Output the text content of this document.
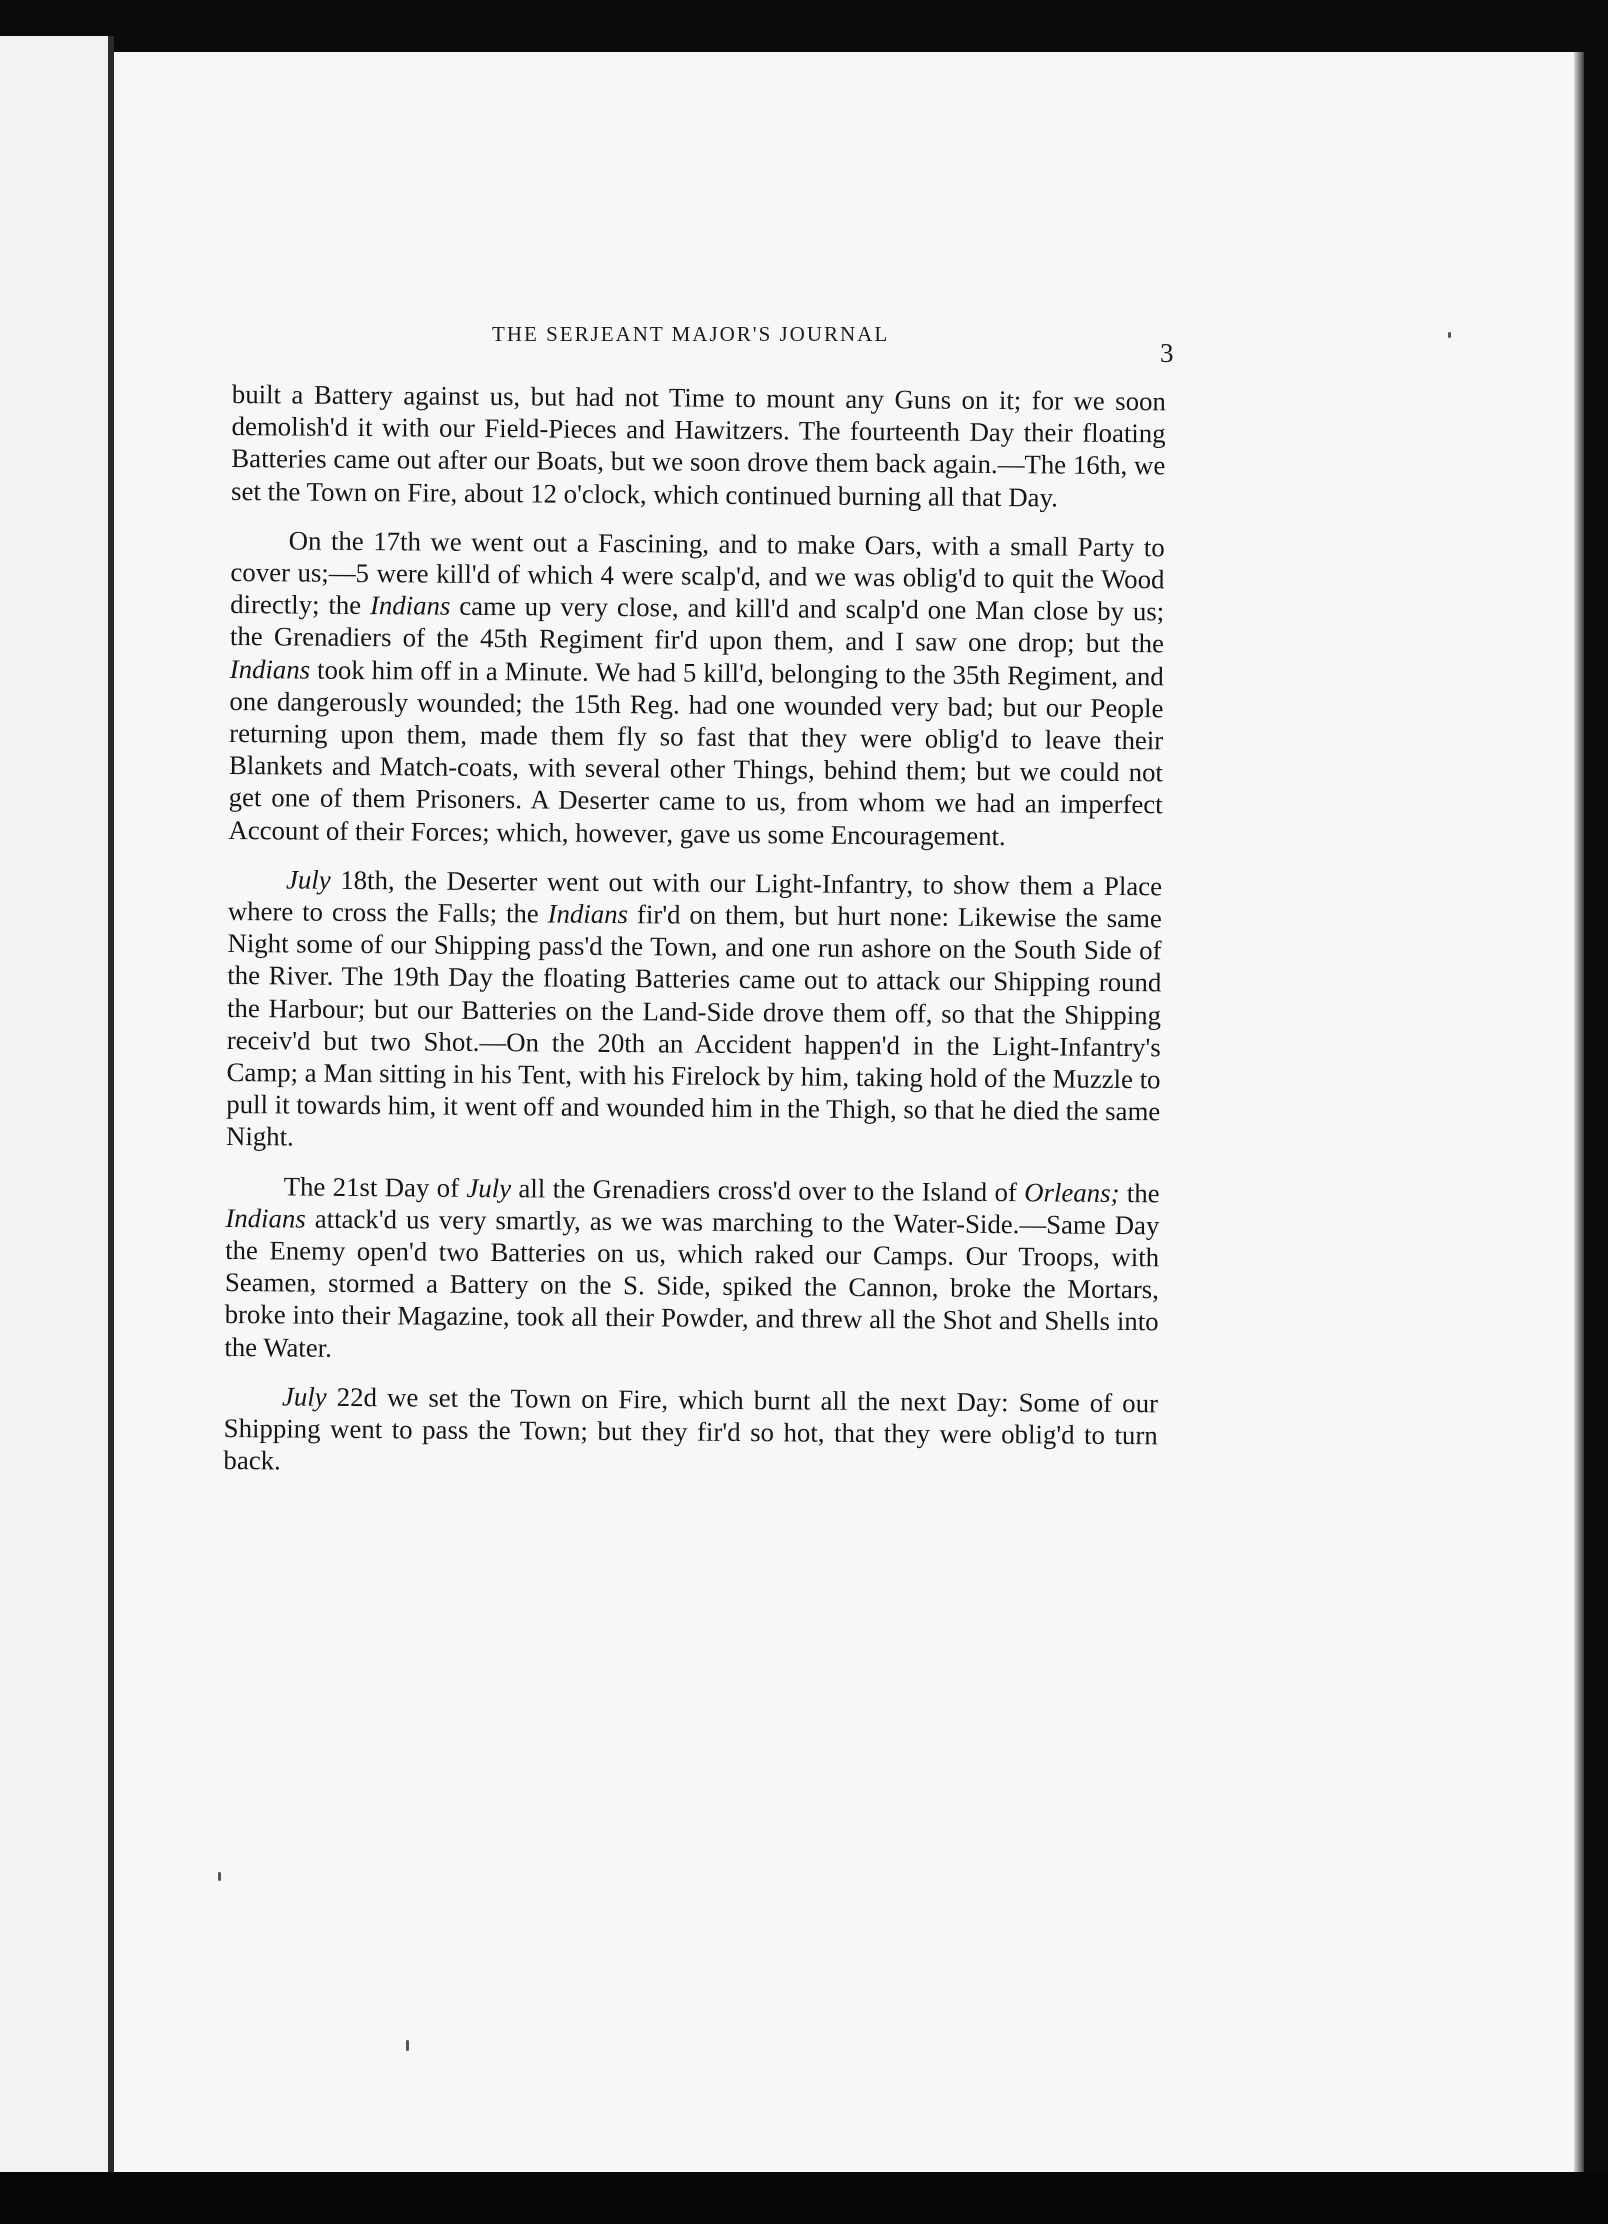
THE SERJEANT MAJOR'S JOURNAL
3

built a Battery against us, but had not Time to mount any Guns on it; for we soon demolish'd it with our Field-Pieces and Hawitzers. The fourteenth Day their floating Batteries came out after our Boats, but we soon drove them back again.—The 16th, we set the Town on Fire, about 12 o'clock, which continued burning all that Day.

On the 17th we went out a Fascining, and to make Oars, with a small Party to cover us;—5 were kill'd of which 4 were scalp'd, and we was oblig'd to quit the Wood directly; the Indians came up very close, and kill'd and scalp'd one Man close by us; the Grenadiers of the 45th Regiment fir'd upon them, and I saw one drop; but the Indians took him off in a Minute. We had 5 kill'd, belonging to the 35th Regiment, and one dangerously wounded; the 15th Reg. had one wounded very bad; but our People returning upon them, made them fly so fast that they were oblig'd to leave their Blankets and Match-coats, with several other Things, behind them; but we could not get one of them Prisoners. A Deserter came to us, from whom we had an imperfect Account of their Forces; which, however, gave us some Encouragement.

July 18th, the Deserter went out with our Light-Infantry, to show them a Place where to cross the Falls; the Indians fir'd on them, but hurt none: Likewise the same Night some of our Shipping pass'd the Town, and one run ashore on the South Side of the River. The 19th Day the floating Batteries came out to attack our Shipping round the Harbour; but our Batteries on the Land-Side drove them off, so that the Shipping receiv'd but two Shot.—On the 20th an Accident happen'd in the Light-Infantry's Camp; a Man sitting in his Tent, with his Firelock by him, taking hold of the Muzzle to pull it towards him, it went off and wounded him in the Thigh, so that he died the same Night.

The 21st Day of July all the Grenadiers cross'd over to the Island of Orleans; the Indians attack'd us very smartly, as we was marching to the Water-Side.—Same Day the Enemy open'd two Batteries on us, which raked our Camps. Our Troops, with Seamen, stormed a Battery on the S. Side, spiked the Cannon, broke the Mortars, broke into their Magazine, took all their Powder, and threw all the Shot and Shells into the Water.

July 22d we set the Town on Fire, which burnt all the next Day: Some of our Shipping went to pass the Town; but they fir'd so hot, that they were oblig'd to turn back.
